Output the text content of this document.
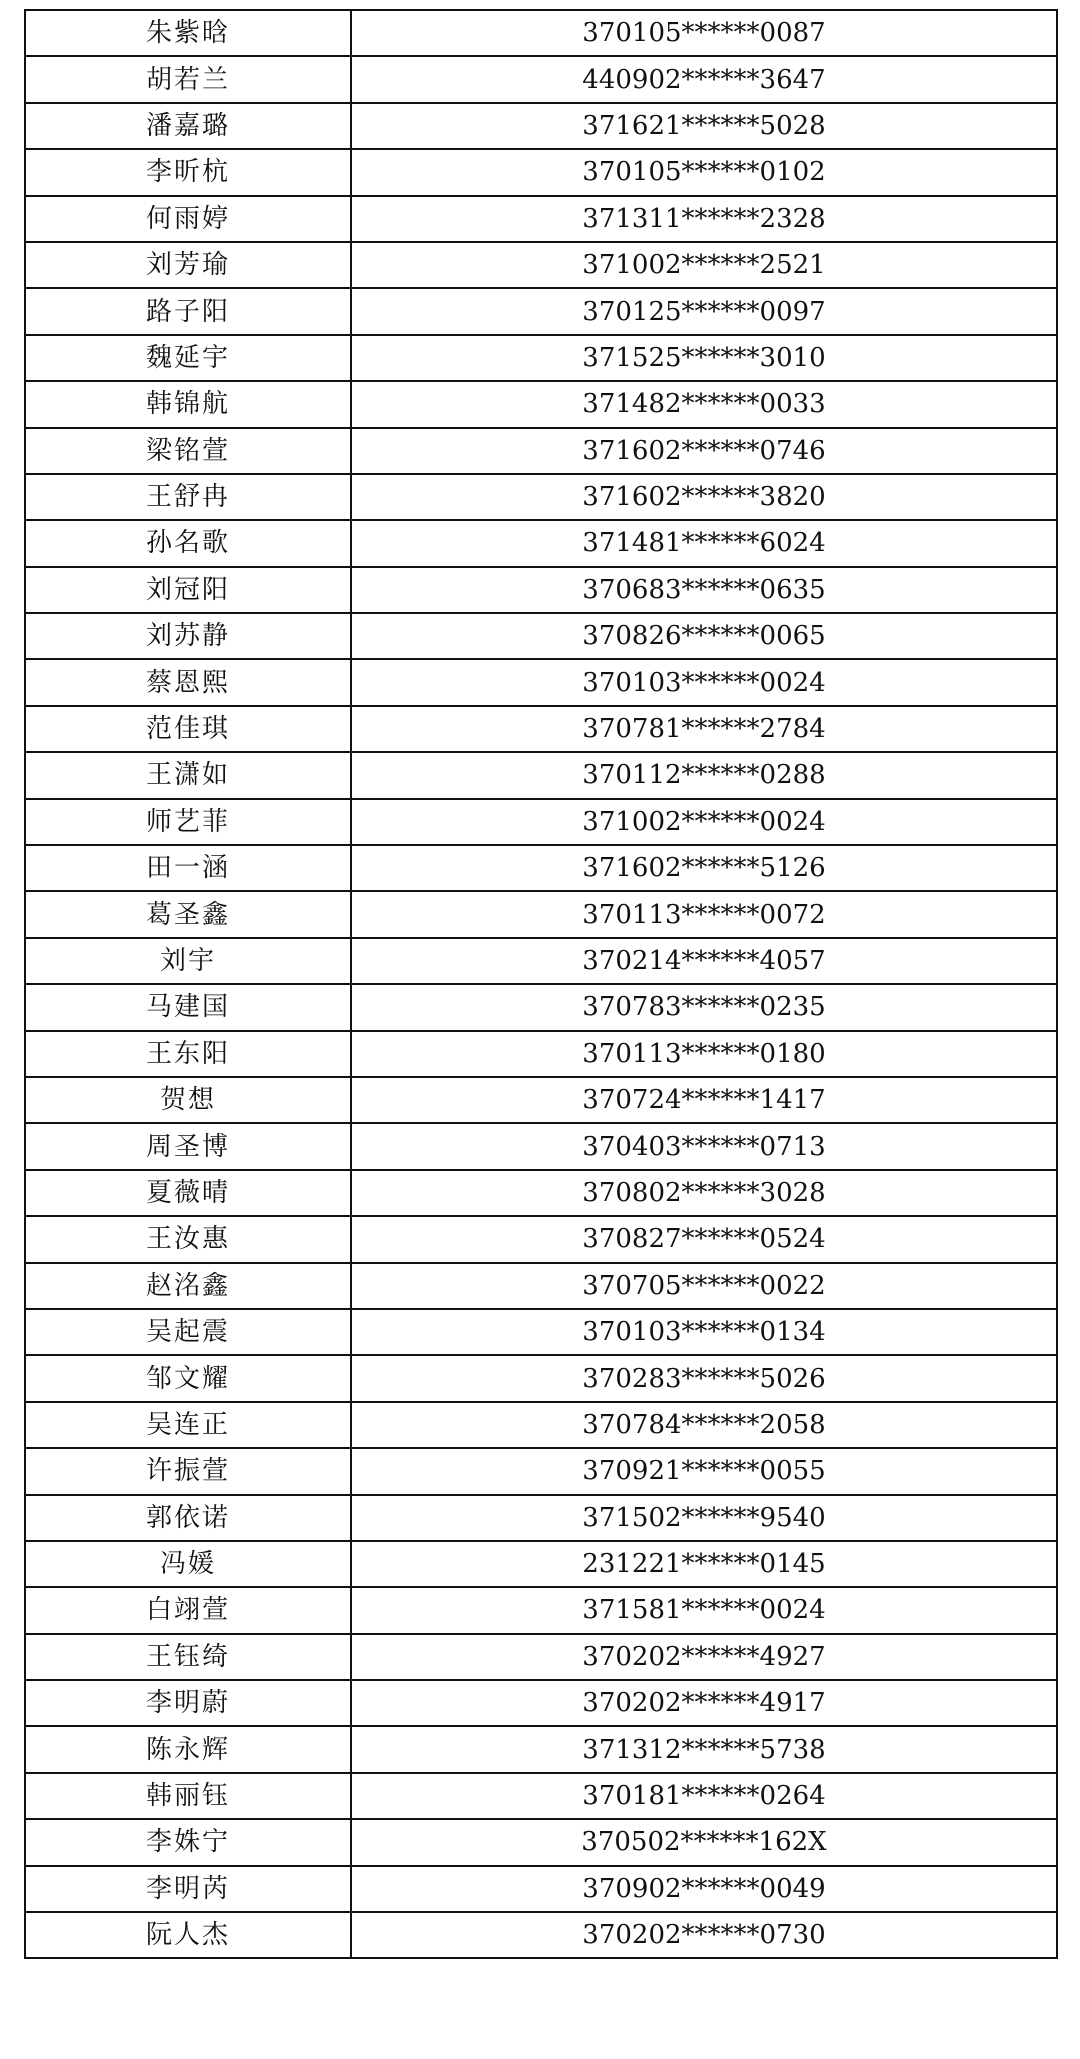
朱紫晗	370105******0087
胡若兰	440902******3647
潘嘉璐	371621******5028
李昕杭	370105******0102
何雨婷	371311******2328
刘芳瑜	371002******2521
路子阳	370125******0097
魏延宇	371525******3010
韩锦航	371482******0033
梁铭萱	371602******0746
王舒冉	371602******3820
孙名歌	371481******6024
刘冠阳	370683******0635
刘苏静	370826******0065
蔡恩熙	370103******0024
范佳琪	370781******2784
王潇如	370112******0288
师艺菲	371002******0024
田一涵	371602******5126
葛圣鑫	370113******0072
刘宇	370214******4057
马建国	370783******0235
王东阳	370113******0180
贺想	370724******1417
周圣博	370403******0713
夏薇晴	370802******3028
王汝惠	370827******0524
赵洺鑫	370705******0022
吴起震	370103******0134
邹文耀	370283******5026
吴连正	370784******2058
许振萱	370921******0055
郭依诺	371502******9540
冯媛	231221******0145
白翊萱	371581******0024
王钰绮	370202******4927
李明蔚	370202******4917
陈永辉	371312******5738
韩丽钰	370181******0264
李姝宁	370502******162X
李明芮	370902******0049
阮人杰	370202******0730
